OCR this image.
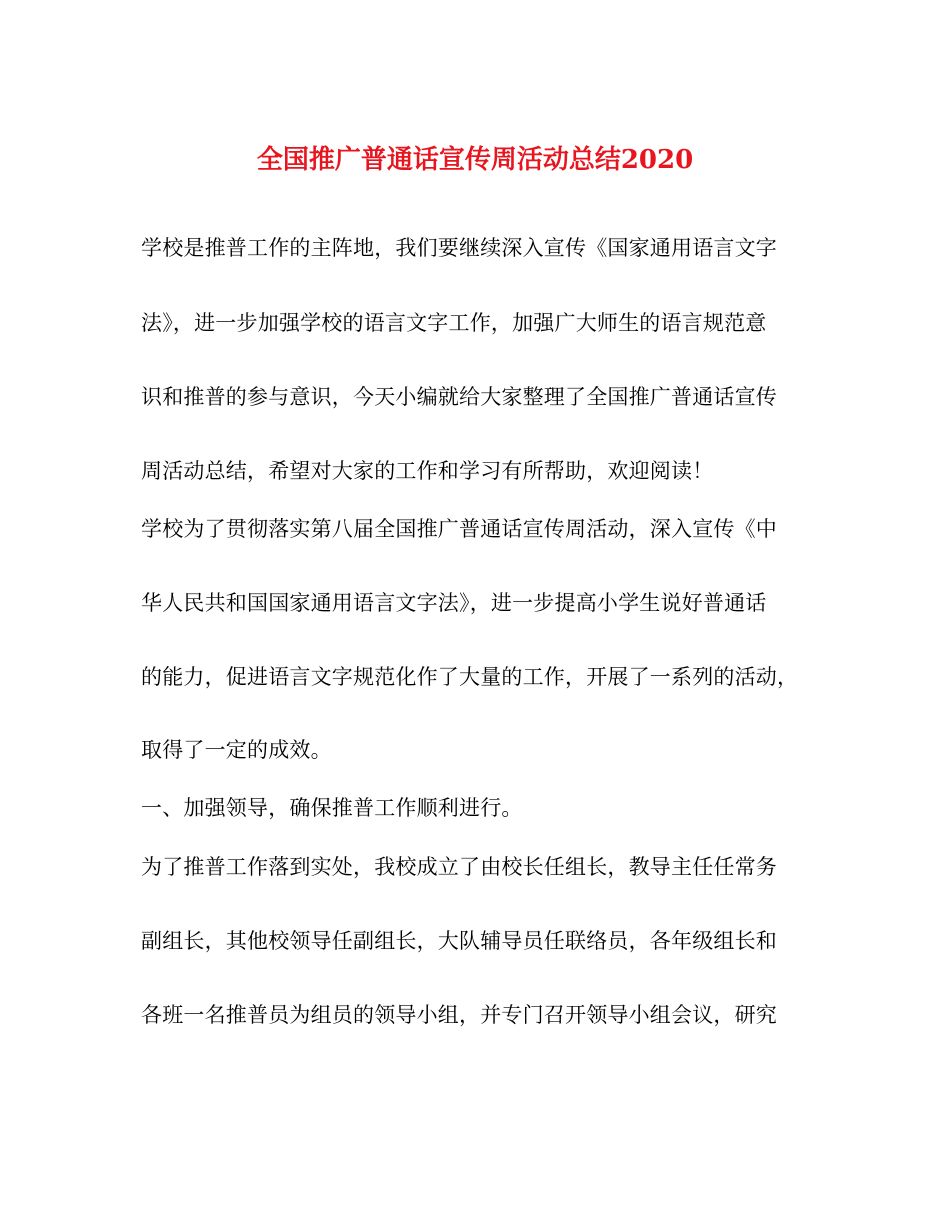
全国推广普通话宣传周活动总结2020
学校是推普工作的主阵地，我们要继续深入宣传《国家通用语言文字
法》，进一步加强学校的语言文字工作，加强广大师生的语言规范意
识和推普的参与意识，今天小编就给大家整理了全国推广普通话宣传
周活动总结，希望对大家的工作和学习有所帮助，欢迎阅读！
学校为了贯彻落实第八届全国推广普通话宣传周活动，深入宣传《中
华人民共和国国家通用语言文字法》，进一步提高小学生说好普通话
的能力，促进语言文字规范化作了大量的工作，开展了一系列的活动，
取得了一定的成效。
一、加强领导，确保推普工作顺利进行。
为了推普工作落到实处，我校成立了由校长任组长，教导主任任常务
副组长，其他校领导任副组长，大队辅导员任联络员，各年级组长和
各班一名推普员为组员的领导小组，并专门召开领导小组会议，研究
